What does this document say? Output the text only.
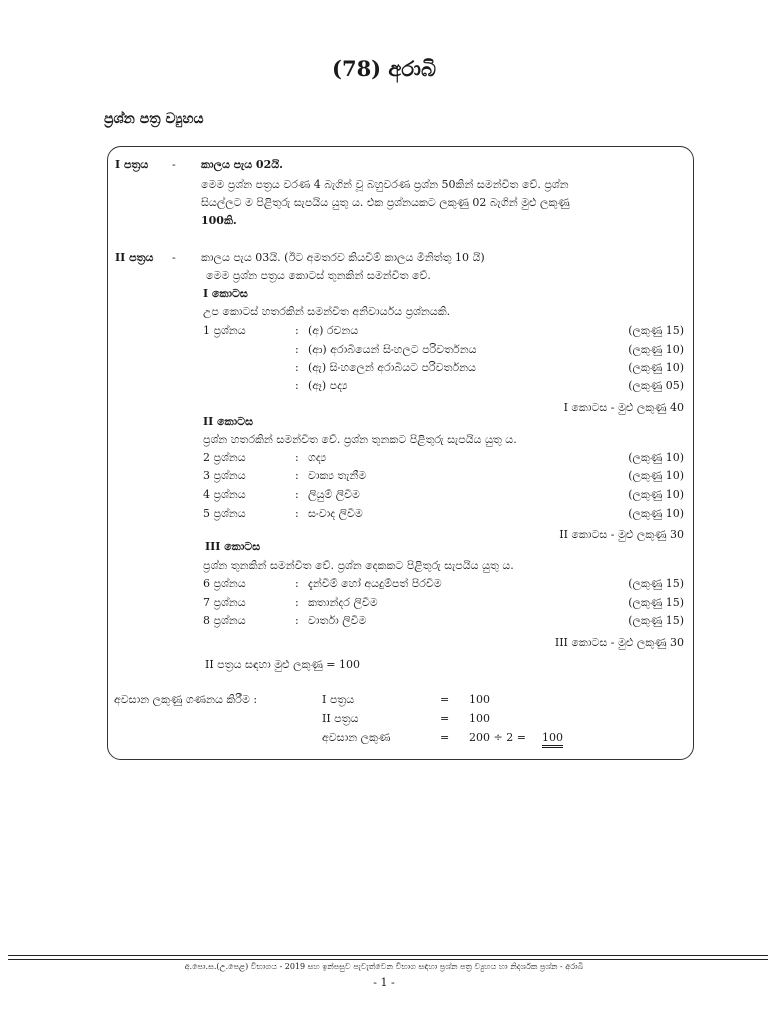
(78) අරාබි
ප්‍රශ්න පත්‍ර ව්‍යුහය
I පත්‍රය - කාලය පැය 02යි.
මෙම ප්‍රශ්න පත්‍රය වරණ 4 බැගින් වූ බහුවරණ ප්‍රශ්න 50කින් සමන්විත වේ. ප්‍රශ්න
සියල්ලට ම පිළිතුරු සැපයිය යුතු ය. එක ප්‍රශ්නයකට ලකුණු 02 බැගින් මුළු ලකුණු
100කි.
II පත්‍රය - කාලය පැය 03යි. (ඊට අමතරව කියවීම් කාලය මිනිත්තු 10 යි)
මෙම ප්‍රශ්න පත්‍රය කොටස් තුනකින් සමන්විත වේ.
I කොටස
උප කොටස් හතරකින් සමන්විත අනිවාර්යය ප්‍රශ්නයකි.
1 ප්‍රශ්නය	: (අ) රචනය	(ලකුණු 15)
: (ආ) අරාබියෙන් සිංහලට පරිවර්තනය	(ලකුණු 10)
: (ඇ) සිංහලෙන් අරාබියට පරිවර්තනය	(ලකුණු 10)
: (ඈ) පද්‍ය	(ලකුණු 05)
I කොටස - මුළු ලකුණු 40
II කොටස
ප්‍රශ්න හතරකින් සමන්විත වේ. ප්‍රශ්න තුනකට පිළිතුරු සැපයිය යුතු ය.
2 ප්‍රශ්නය	: ගද්‍ය	(ලකුණු 10)
3 ප්‍රශ්නය	: වාක්‍ය තැනීම	(ලකුණු 10)
4 ප්‍රශ්නය	: ලියුම් ලිවීම	(ලකුණු 10)
5 ප්‍රශ්නය	: සංවාද ලිවීම	(ලකුණු 10)
II කොටස - මුළු ලකුණු 30
III කොටස
ප්‍රශ්න තුනකින් සමන්විත වේ. ප්‍රශ්න දෙකකට පිළිතුරු සැපයිය යුතු ය.
6 ප්‍රශ්නය	: දැන්වීම් හෝ අයදුම්පත් පිරවීම	(ලකුණු 15)
7 ප්‍රශ්නය	: කතාන්දර ලිවීම	(ලකුණු 15)
8 ප්‍රශ්නය	: වාර්තා ලිවීම	(ලකුණු 15)
III කොටස - මුළු ලකුණු 30
II පත්‍රය සඳහා මුළු ලකුණු = 100
අවසාන ලකුණු ගණනය කිරීම :	I පත්‍රය	= 100
II පත්‍රය	= 100
අවසාන ලකුණ	= 200 ÷ 2 = 100
අ.පො.ස.(උ.පෙළ) විභාගය - 2019 සහ ඉන්පසුව පැවැත්වෙන විභාග සඳහා ප්‍රශ්න පත්‍ර ව්‍යුහය හා නිදර්ශක ප්‍රශ්න - අරාබි
- 1 -
